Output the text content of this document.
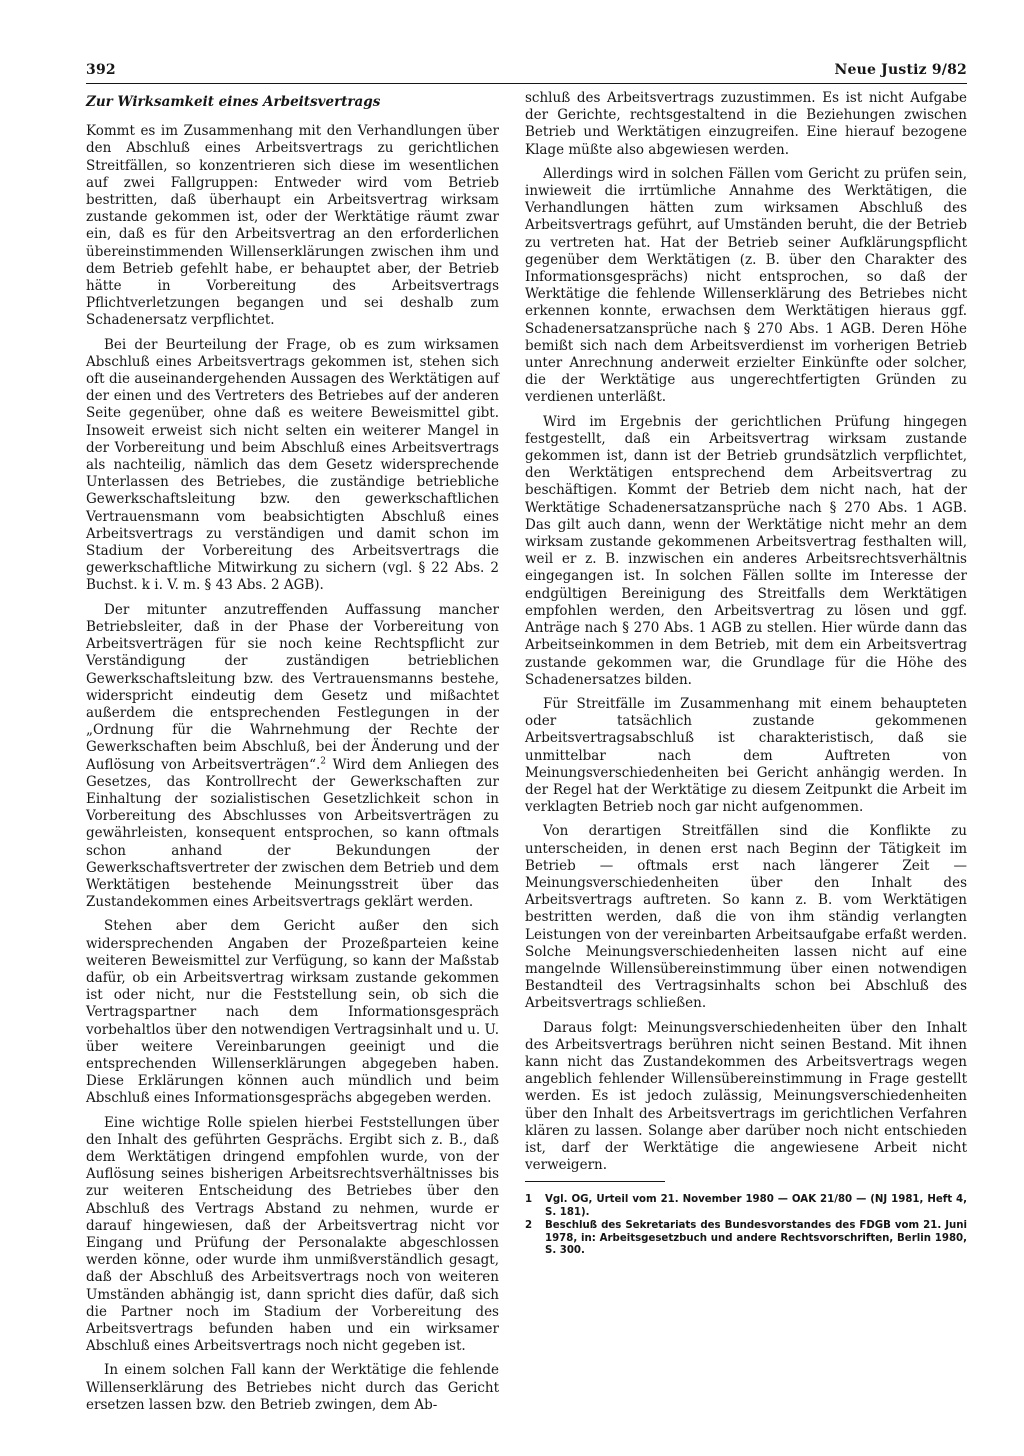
392	Neue Justiz 9/82

Zur Wirksamkeit eines Arbeitsvertrags

Kommt es im Zusammenhang mit den Verhandlungen über den Abschluß eines Arbeitsvertrags zu gerichtlichen Streitfällen, so konzentrieren sich diese im wesentlichen auf zwei Fallgruppen: Entweder wird vom Betrieb bestritten, daß überhaupt ein Arbeitsvertrag wirksam zustande gekommen ist, oder der Werktätige räumt zwar ein, daß es für den Arbeitsvertrag an den erforderlichen übereinstimmenden Willenserklärungen zwischen ihm und dem Betrieb gefehlt habe, er behauptet aber, der Betrieb hätte in Vorbereitung des Arbeitsvertrags Pflichtverletzungen begangen und sei deshalb zum Schadenersatz verpflichtet.

Bei der Beurteilung der Frage, ob es zum wirksamen Abschluß eines Arbeitsvertrags gekommen ist, stehen sich oft die auseinandergehenden Aussagen des Werktätigen auf der einen und des Vertreters des Betriebes auf der anderen Seite gegenüber, ohne daß es weitere Beweismittel gibt. Insoweit erweist sich nicht selten ein weiterer Mangel in der Vorbereitung und beim Abschluß eines Arbeitsvertrags als nachteilig, nämlich das dem Gesetz widersprechende Unterlassen des Betriebes, die zuständige betriebliche Gewerkschaftsleitung bzw. den gewerkschaftlichen Vertrauensmann vom beabsichtigten Abschluß eines Arbeitsvertrags zu verständigen und damit schon im Stadium der Vorbereitung des Arbeitsvertrags die gewerkschaftliche Mitwirkung zu sichern (vgl. § 22 Abs. 2 Buchst. k i. V. m. § 43 Abs. 2 AGB).

Der mitunter anzutreffenden Auffassung mancher Betriebsleiter, daß in der Phase der Vorbereitung von Arbeitsverträgen für sie noch keine Rechtspflicht zur Verständigung der zuständigen betrieblichen Gewerkschaftsleitung bzw. des Vertrauensmanns bestehe, widerspricht eindeutig dem Gesetz und mißachtet außerdem die entsprechenden Festlegungen in der „Ordnung für die Wahrnehmung der Rechte der Gewerkschaften beim Abschluß, bei der Änderung und der Auflösung von Arbeitsverträgen“.$^2$ Wird dem Anliegen des Gesetzes, das Kontrollrecht der Gewerkschaften zur Einhaltung der sozialistischen Gesetzlichkeit schon in Vorbereitung des Abschlusses von Arbeitsverträgen zu gewährleisten, konsequent entsprochen, so kann oftmals schon anhand der Bekundungen der Gewerkschaftsvertreter der zwischen dem Betrieb und dem Werktätigen bestehende Meinungsstreit über das Zustandekommen eines Arbeitsvertrags geklärt werden.

Stehen aber dem Gericht außer den sich widersprechenden Angaben der Prozeßparteien keine weiteren Beweismittel zur Verfügung, so kann der Maßstab dafür, ob ein Arbeitsvertrag wirksam zustande gekommen ist oder nicht, nur die Feststellung sein, ob sich die Vertragspartner nach dem Informationsgespräch vorbehaltlos über den notwendigen Vertragsinhalt und u. U. über weitere Vereinbarungen geeinigt und die entsprechenden Willenserklärungen abgegeben haben. Diese Erklärungen können auch mündlich und beim Abschluß eines Informationsgesprächs abgegeben werden.

Eine wichtige Rolle spielen hierbei Feststellungen über den Inhalt des geführten Gesprächs. Ergibt sich z. B., daß dem Werktätigen dringend empfohlen wurde, von der Auflösung seines bisherigen Arbeitsrechtsverhältnisses bis zur weiteren Entscheidung des Betriebes über den Abschluß des Vertrags Abstand zu nehmen, wurde er darauf hingewiesen, daß der Arbeitsvertrag nicht vor Eingang und Prüfung der Personalakte abgeschlossen werden könne, oder wurde ihm unmißverständlich gesagt, daß der Abschluß des Arbeitsvertrags noch von weiteren Umständen abhängig ist, dann spricht dies dafür, daß sich die Partner noch im Stadium der Vorbereitung des Arbeitsvertrags befunden haben und ein wirksamer Abschluß eines Arbeitsvertrags noch nicht gegeben ist.

In einem solchen Fall kann der Werktätige die fehlende Willenserklärung des Betriebes nicht durch das Gericht ersetzen lassen bzw. den Betrieb zwingen, dem Ab-

schluß des Arbeitsvertrags zuzustimmen. Es ist nicht Aufgabe der Gerichte, rechtsgestaltend in die Beziehungen zwischen Betrieb und Werktätigen einzugreifen. Eine hierauf bezogene Klage müßte also abgewiesen werden.

Allerdings wird in solchen Fällen vom Gericht zu prüfen sein, inwieweit die irrtümliche Annahme des Werktätigen, die Verhandlungen hätten zum wirksamen Abschluß des Arbeitsvertrags geführt, auf Umständen beruht, die der Betrieb zu vertreten hat. Hat der Betrieb seiner Aufklärungspflicht gegenüber dem Werktätigen (z. B. über den Charakter des Informationsgesprächs) nicht entsprochen, so daß der Werktätige die fehlende Willenserklärung des Betriebes nicht erkennen konnte, erwachsen dem Werktätigen hieraus ggf. Schadenersatzansprüche nach § 270 Abs. 1 AGB. Deren Höhe bemißt sich nach dem Arbeitsverdienst im vorherigen Betrieb unter Anrechnung anderweit erzielter Einkünfte oder solcher, die der Werktätige aus ungerechtfertigten Gründen zu verdienen unterläßt.

Wird im Ergebnis der gerichtlichen Prüfung hingegen festgestellt, daß ein Arbeitsvertrag wirksam zustande gekommen ist, dann ist der Betrieb grundsätzlich verpflichtet, den Werktätigen entsprechend dem Arbeitsvertrag zu beschäftigen. Kommt der Betrieb dem nicht nach, hat der Werktätige Schadenersatzansprüche nach § 270 Abs. 1 AGB. Das gilt auch dann, wenn der Werktätige nicht mehr an dem wirksam zustande gekommenen Arbeitsvertrag festhalten will, weil er z. B. inzwischen ein anderes Arbeitsrechtsverhältnis eingegangen ist. In solchen Fällen sollte im Interesse der endgültigen Bereinigung des Streitfalls dem Werktätigen empfohlen werden, den Arbeitsvertrag zu lösen und ggf. Anträge nach § 270 Abs. 1 AGB zu stellen. Hier würde dann das Arbeitseinkommen in dem Betrieb, mit dem ein Arbeitsvertrag zustande gekommen war, die Grundlage für die Höhe des Schadenersatzes bilden.

Für Streitfälle im Zusammenhang mit einem behaupteten oder tatsächlich zustande gekommenen Arbeitsvertragsabschluß ist charakteristisch, daß sie unmittelbar nach dem Auftreten von Meinungsverschiedenheiten bei Gericht anhängig werden. In der Regel hat der Werktätige zu diesem Zeitpunkt die Arbeit im verklagten Betrieb noch gar nicht aufgenommen.

Von derartigen Streitfällen sind die Konflikte zu unterscheiden, in denen erst nach Beginn der Tätigkeit im Betrieb — oftmals erst nach längerer Zeit — Meinungsverschiedenheiten über den Inhalt des Arbeitsvertrags auftreten. So kann z. B. vom Werktätigen bestritten werden, daß die von ihm ständig verlangten Leistungen von der vereinbarten Arbeitsaufgabe erfaßt werden. Solche Meinungsverschiedenheiten lassen nicht auf eine mangelnde Willensübereinstimmung über einen notwendigen Bestandteil des Vertragsinhalts schon bei Abschluß des Arbeitsvertrags schließen.

Daraus folgt: Meinungsverschiedenheiten über den Inhalt des Arbeitsvertrags berühren nicht seinen Bestand. Mit ihnen kann nicht das Zustandekommen des Arbeitsvertrags wegen angeblich fehlender Willensübereinstimmung in Frage gestellt werden. Es ist jedoch zulässig, Meinungsverschiedenheiten über den Inhalt des Arbeitsvertrags im gerichtlichen Verfahren klären zu lassen. Solange aber darüber noch nicht entschieden ist, darf der Werktätige die angewiesene Arbeit nicht verweigern.

1	Vgl. OG, Urteil vom 21. November 1980 — OAK 21/80 — (NJ 1981, Heft 4, S. 181).
2	Beschluß des Sekretariats des Bundesvorstandes des FDGB vom 21. Juni 1978, in: Arbeitsgesetzbuch und andere Rechtsvorschriften, Berlin 1980, S. 300.
